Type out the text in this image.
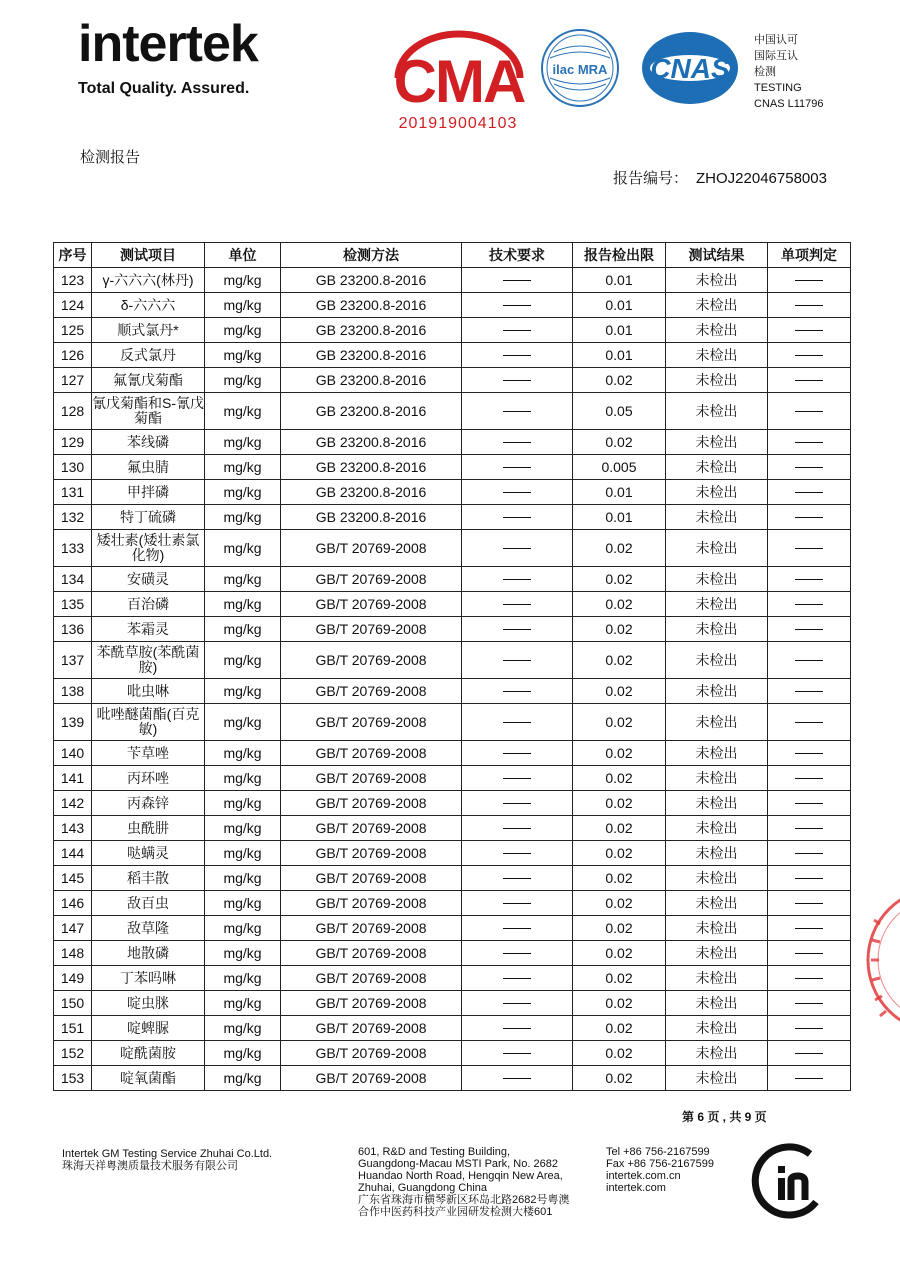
intertek
Total Quality. Assured. CMA
201919004103
ilac MRA CNAS
中国认可
国际互认
检测
TESTING
CNAS L11796
检测报告
报告编号： ZHOJ22046758003
序号	测试项目	单位	检测方法	技术要求	报告检出限	测试结果	单项判定
123	γ-六六六(林丹)	mg/kg	GB 23200.8-2016		0.01	未检出	
124	δ-六六六	mg/kg	GB 23200.8-2016		0.01	未检出	
125	顺式氯丹*	mg/kg	GB 23200.8-2016		0.01	未检出	
126	反式氯丹	mg/kg	GB 23200.8-2016		0.01	未检出	
127	氟氰戊菊酯	mg/kg	GB 23200.8-2016		0.02	未检出	
128	氰戊菊酯和S-氰戊菊酯	mg/kg	GB 23200.8-2016		0.05	未检出	
129	苯线磷	mg/kg	GB 23200.8-2016		0.02	未检出	
130	氟虫腈	mg/kg	GB 23200.8-2016		0.005	未检出	
131	甲拌磷	mg/kg	GB 23200.8-2016		0.01	未检出	
132	特丁硫磷	mg/kg	GB 23200.8-2016		0.01	未检出	
133	矮壮素(矮壮素氯化物)	mg/kg	GB/T 20769-2008		0.02	未检出	
134	安磺灵	mg/kg	GB/T 20769-2008		0.02	未检出	
135	百治磷	mg/kg	GB/T 20769-2008		0.02	未检出	
136	苯霜灵	mg/kg	GB/T 20769-2008		0.02	未检出	
137	苯酰草胺(苯酰菌胺)	mg/kg	GB/T 20769-2008		0.02	未检出	
138	吡虫啉	mg/kg	GB/T 20769-2008		0.02	未检出	
139	吡唑醚菌酯(百克敏)	mg/kg	GB/T 20769-2008		0.02	未检出	
140	苄草唑	mg/kg	GB/T 20769-2008		0.02	未检出	
141	丙环唑	mg/kg	GB/T 20769-2008		0.02	未检出	
142	丙森锌	mg/kg	GB/T 20769-2008		0.02	未检出	
143	虫酰肼	mg/kg	GB/T 20769-2008		0.02	未检出	
144	哒螨灵	mg/kg	GB/T 20769-2008		0.02	未检出	
145	稻丰散	mg/kg	GB/T 20769-2008		0.02	未检出	
146	敌百虫	mg/kg	GB/T 20769-2008		0.02	未检出	
147	敌草隆	mg/kg	GB/T 20769-2008		0.02	未检出	
148	地散磷	mg/kg	GB/T 20769-2008		0.02	未检出	
149	丁苯吗啉	mg/kg	GB/T 20769-2008		0.02	未检出	
150	啶虫脒	mg/kg	GB/T 20769-2008		0.02	未检出	
151	啶蜱脲	mg/kg	GB/T 20769-2008		0.02	未检出	
152	啶酰菌胺	mg/kg	GB/T 20769-2008		0.02	未检出	
153	啶氧菌酯	mg/kg	GB/T 20769-2008		0.02	未检出	
第 6 页 , 共 9 页
Intertek GM Testing Service Zhuhai Co.Ltd.
珠海天祥粤澳质量技术服务有限公司
601, R&D and Testing Building,
Guangdong-Macau MSTI Park, No. 2682
Huandao North Road, Hengqin New Area,
Zhuhai, Guangdong China
广东省珠海市横琴新区环岛北路2682号粤澳
合作中医药科技产业园研发检测大楼601
Tel +86 756-2167599
Fax +86 756-2167599
intertek.com.cn
intertek.com
